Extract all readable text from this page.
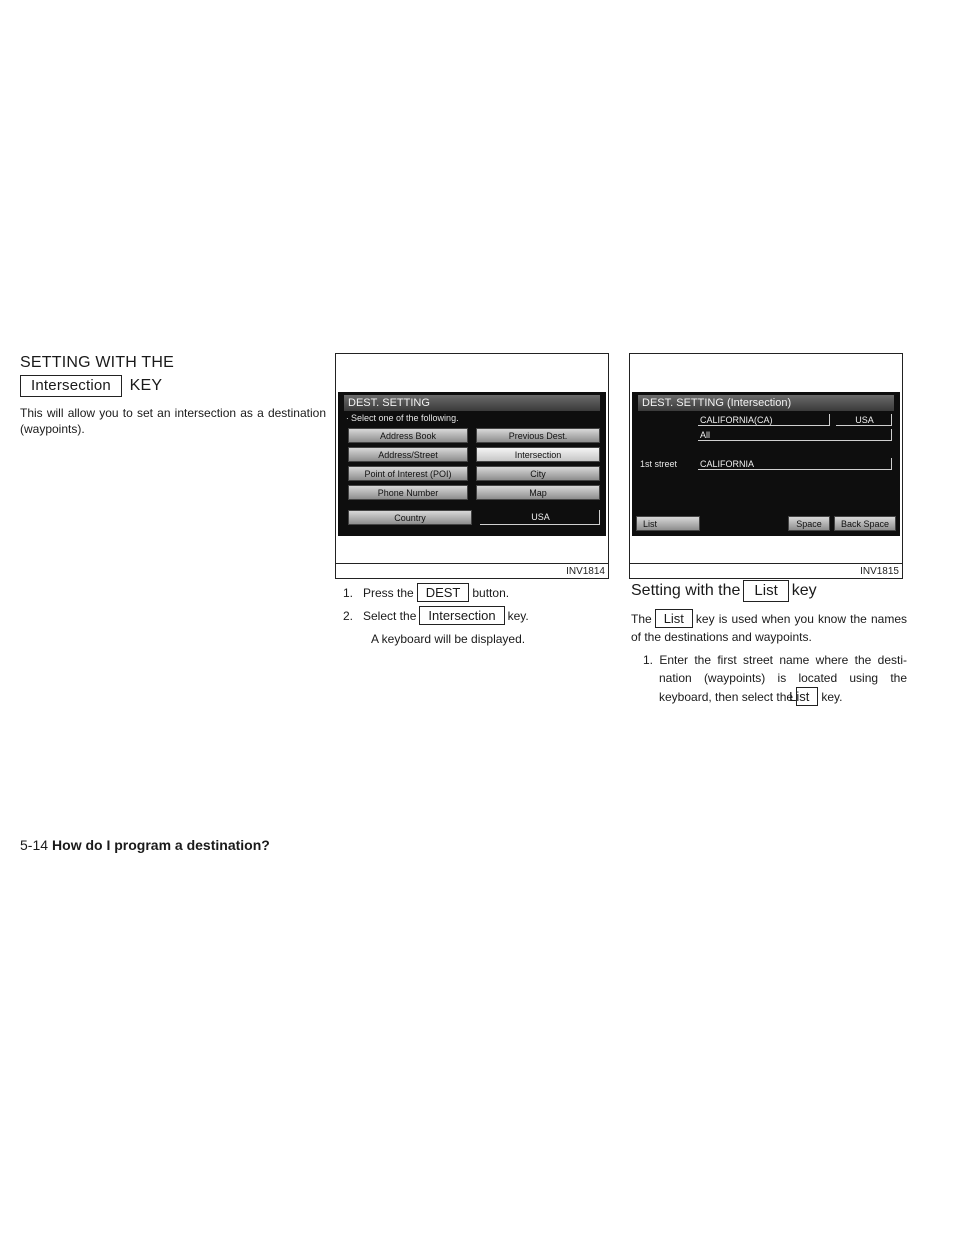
SETTING WITH THE
Intersection KEY

This will allow you to set an intersection as a destination (waypoints).

DEST. SETTING
∙ Select one of the following.
Address Book	Previous Dest.
Address/Street	Intersection
Point of Interest (POI)	City
Phone Number	Map
Country	USA
INV1814
DEST. SETTING (Intersection)
CALIFORNIA(CA)	USA
All
1st street	CALIFORNIA
List	Space	Back Space
INV1815
1. Press the DEST button.
2. Select the Intersection key.
A keyboard will be displayed.
Setting with the List key

The List key is used when you know the names of the destinations and waypoints.

1. Enter the first street name where the desti- nation (waypoints) is located using the keyboard, then select theList key.
5-14 How do I program a destination?
